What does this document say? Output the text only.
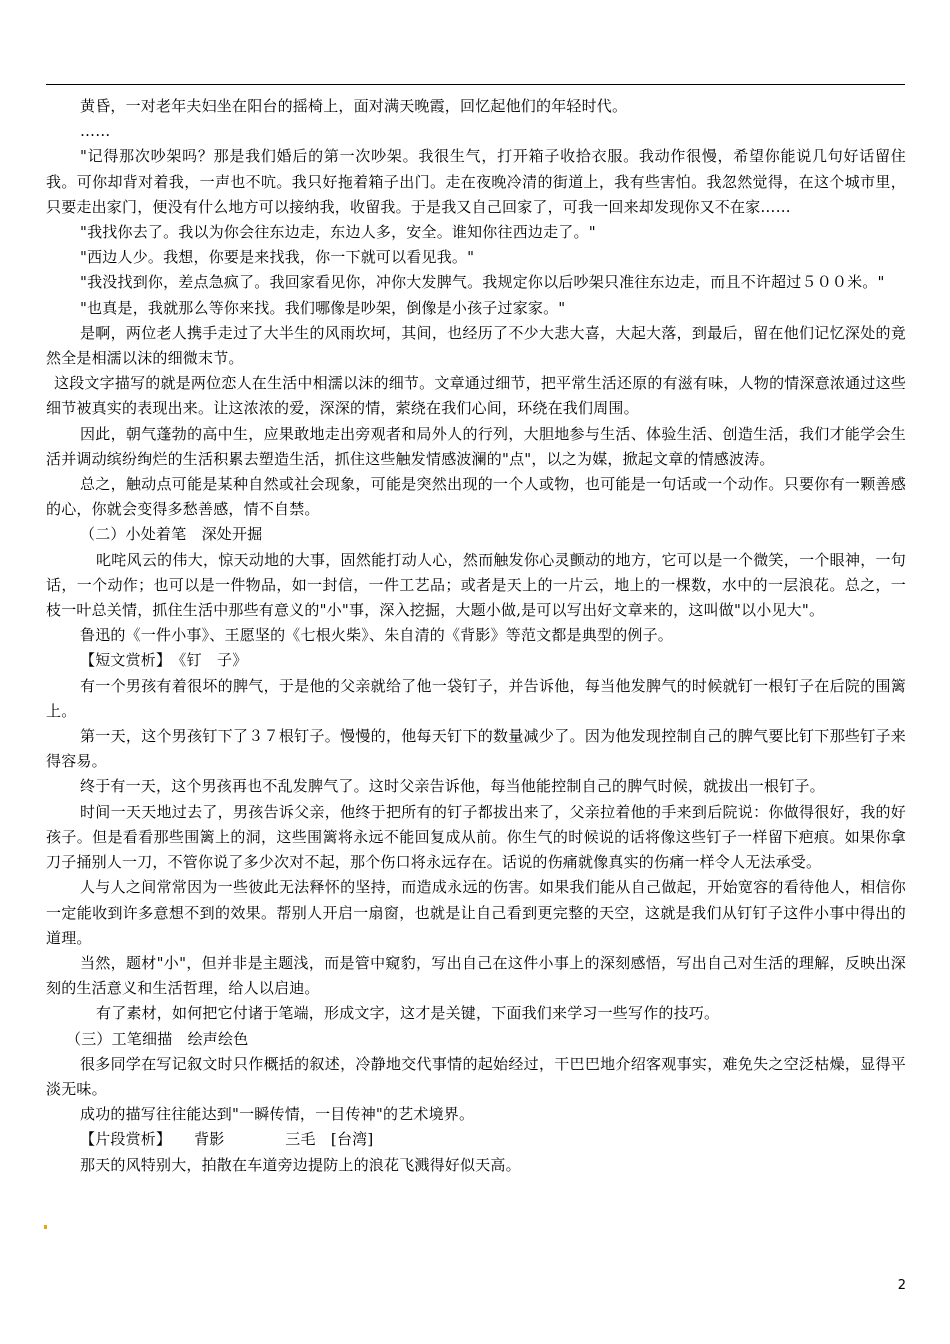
黄昏，一对老年夫妇坐在阳台的摇椅上，面对满天晚霞，回忆起他们的年轻时代。

……

"记得那次吵架吗？那是我们婚后的第一次吵架。我很生气，打开箱子收拾衣服。我动作很慢，希望你能说几句好话留住我。可你却背对着我，一声也不吭。我只好拖着箱子出门。走在夜晚冷清的街道上，我有些害怕。我忽然觉得，在这个城市里，只要走出家门，便没有什么地方可以接纳我，收留我。于是我又自己回家了，可我一回来却发现你又不在家……

"我找你去了。我以为你会往东边走，东边人多，安全。谁知你往西边走了。"

"西边人少。我想，你要是来找我，你一下就可以看见我。"

"我没找到你，差点急疯了。我回家看见你，冲你大发脾气。我规定你以后吵架只准往东边走，而且不许超过５００米。"

"也真是，我就那么等你来找。我们哪像是吵架，倒像是小孩子过家家。"

是啊，两位老人携手走过了大半生的风雨坎坷，其间，也经历了不少大悲大喜，大起大落，到最后，留在他们记忆深处的竟然全是相濡以沫的细微末节。

这段文字描写的就是两位恋人在生活中相濡以沫的细节。文章通过细节，把平常生活还原的有滋有味，人物的情深意浓通过这些细节被真实的表现出来。让这浓浓的爱，深深的情，萦绕在我们心间，环绕在我们周围。

因此，朝气蓬勃的高中生，应果敢地走出旁观者和局外人的行列，大胆地参与生活、体验生活、创造生活，我们才能学会生活并调动缤纷绚烂的生活积累去塑造生活，抓住这些触发情感波澜的"点"，以之为媒，掀起文章的情感波涛。

总之，触动点可能是某种自然或社会现象，可能是突然出现的一个人或物，也可能是一句话或一个动作。只要你有一颗善感的心，你就会变得多愁善感，情不自禁。

（二）小处着笔　深处开掘

叱咤风云的伟大，惊天动地的大事，固然能打动人心，然而触发你心灵颤动的地方，它可以是一个微笑，一个眼神，一句话，一个动作；也可以是一件物品，如一封信，一件工艺品；或者是天上的一片云，地上的一棵数，水中的一层浪花。总之，一枝一叶总关情，抓住生活中那些有意义的"小"事，深入挖掘，大题小做,是可以写出好文章来的，这叫做"以小见大"。

鲁迅的《一件小事》、王愿坚的《七根火柴》、朱自清的《背影》等范文都是典型的例子。

【短文赏析】　《钉　子》

有一个男孩有着很坏的脾气，于是他的父亲就给了他一袋钉子，并告诉他，每当他发脾气的时候就钉一根钉子在后院的围篱上。

第一天，这个男孩钉下了３７根钉子。慢慢的，他每天钉下的数量减少了。因为他发现控制自己的脾气要比钉下那些钉子来得容易。

终于有一天，这个男孩再也不乱发脾气了。这时父亲告诉他，每当他能控制自己的脾气时候，就拔出一根钉子。

时间一天天地过去了，男孩告诉父亲，他终于把所有的钉子都拔出来了，父亲拉着他的手来到后院说：你做得很好，我的好孩子。但是看看那些围篱上的洞，这些围篱将永远不能回复成从前。你生气的时候说的话将像这些钉子一样留下疤痕。如果你拿刀子捅别人一刀，不管你说了多少次对不起，那个伤口将永远存在。话说的伤痛就像真实的伤痛一样令人无法承受。

人与人之间常常因为一些彼此无法释怀的坚持，而造成永远的伤害。如果我们能从自己做起，开始宽容的看待他人，相信你一定能收到许多意想不到的效果。帮别人开启一扇窗，也就是让自己看到更完整的天空，这就是我们从钉钉子这件小事中得出的道理。

当然，题材"小"，但并非是主题浅，而是管中窥豹，写出自己在这件小事上的深刻感悟，写出自己对生活的理解，反映出深刻的生活意义和生活哲理，给人以启迪。

有了素材，如何把它付诸于笔端，形成文字，这才是关键，下面我们来学习一些写作的技巧。

（三）工笔细描　绘声绘色

很多同学在写记叙文时只作概括的叙述，冷静地交代事情的起始经过，干巴巴地介绍客观事实，难免失之空泛枯燥，显得平淡无味。

成功的描写往往能达到"一瞬传情，一目传神"的艺术境界。

【片段赏析】　　背影　　　　三毛　[台湾]

那天的风特别大，拍散在车道旁边提防上的浪花飞溅得好似天高。

2
